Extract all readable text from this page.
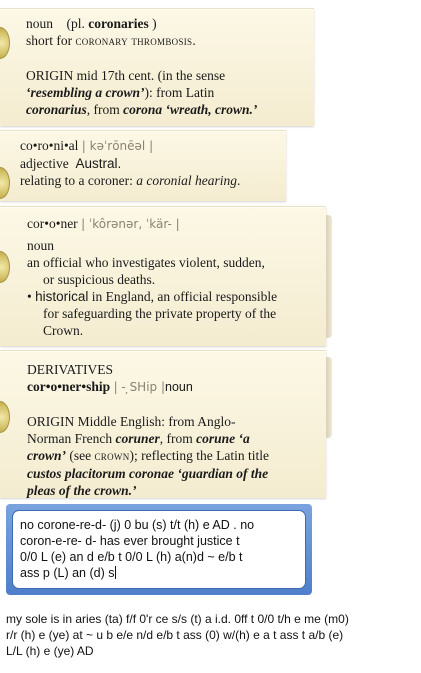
noun (pl. coronaries )
short for coronary thrombosis.
ORIGIN mid 17th cent. (in the sense
‘resembling a crown’): from Latin
coronarius, from corona ‘wreath, crown.’
co•ro•ni•al | kəˈrōnēəl |
adjective Austral.
relating to a coroner: a coronial hearing.
cor•o•ner | ˈkôrənər, ˈkär- |
noun
an official who investigates violent, sudden,
or suspicious deaths.
• historical in England, an official responsible
for safeguarding the private property of the
Crown.
DERIVATIVES
cor•o•ner•ship | - ̦SHip |noun
ORIGIN Middle English: from Anglo-
Norman French coruner, from corune ‘a
crown’ (see crown); reflecting the Latin title
custos placitorum coronae ‘guardian of the
pleas of the crown.’
no corone-re-d- (j) 0 bu (s) t/t (h) e AD . no
coron-e-re- d- has ever brought justice t
0/0 L (e) an d e/b t 0/0 L (h) a(n)d ~ e/b t
ass p (L) an (d) s
my sole is in aries (ta) f/f 0'r ce s/s (t) a i.d. 0ff t 0/0 t/h e me (m0)
r/r (h) e (ye) at ~ u b e/e n/d e/b t ass (0) w/(h) e a t ass t a/b (e)
L/L (h) e (ye) AD
